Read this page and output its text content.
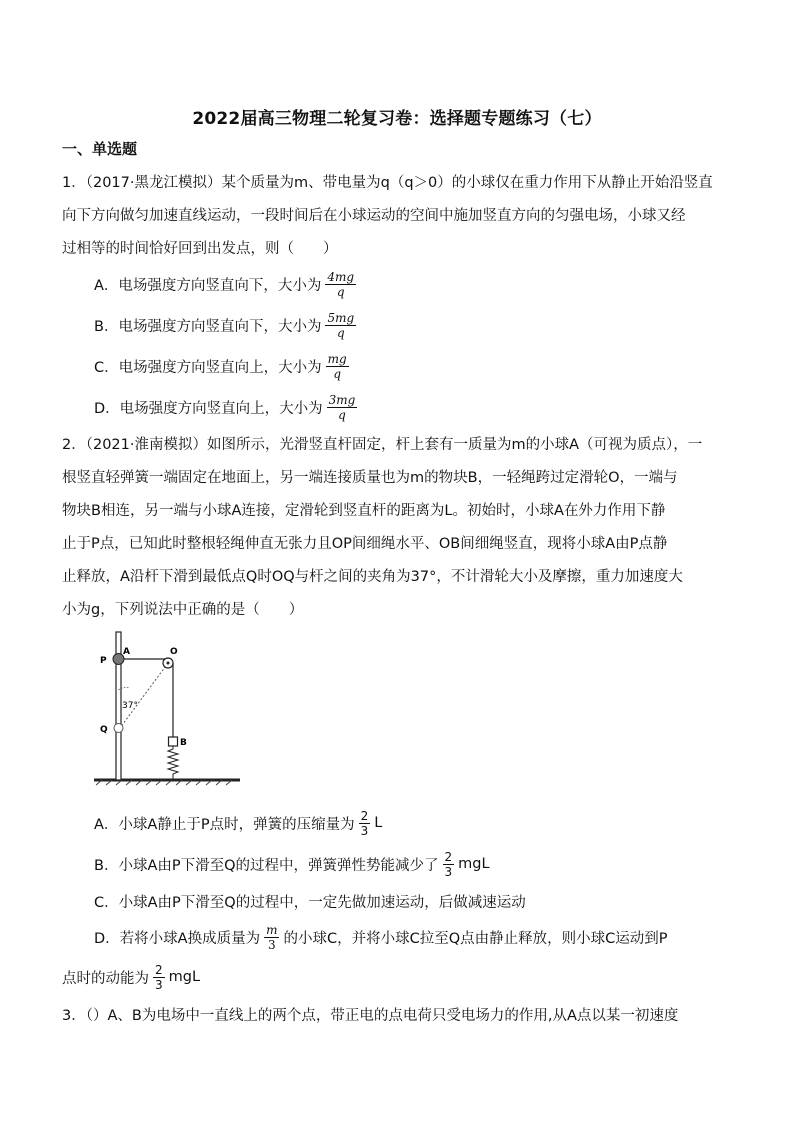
2022届高三物理二轮复习卷：选择题专题练习（七）
一、单选题
1．（2017·黑龙江模拟）某个质量为m、带电量为q（q＞0）的小球仅在重力作用下从静止开始沿竖直
向下方向做匀加速直线运动，一段时间后在小球运动的空间中施加竖直方向的匀强电场，小球又经
过相等的时间恰好回到出发点，则（　　）
A．电场强度方向竖直向下，大小为 $\frac{4mg}{q}$
B．电场强度方向竖直向下，大小为 $\frac{5mg}{q}$
C．电场强度方向竖直向上，大小为 $\frac{mg}{q}$
D．电场强度方向竖直向上，大小为 $\frac{3mg}{q}$
2．（2021·淮南模拟）如图所示，光滑竖直杆固定，杆上套有一质量为m的小球A（可视为质点），一
根竖直轻弹簧一端固定在地面上，另一端连接质量也为m的物块B，一轻绳跨过定滑轮O，一端与
物块B相连，另一端与小球A连接，定滑轮到竖直杆的距离为L。初始时，小球A在外力作用下静
止于P点，已知此时整根轻绳伸直无张力且OP间细绳水平、OB间细绳竖直，现将小球A由P点静
止释放，A沿杆下滑到最低点Q时OQ与杆之间的夹角为37°，不计滑轮大小及摩擦，重力加速度大
小为g，下列说法中正确的是（　　）
P
A	O
Q
B
37°
A．小球A静止于P点时，弹簧的压缩量为 $\frac{2}{3}$ L
B．小球A由P下滑至Q的过程中，弹簧弹性势能减少了 $\frac{2}{3}$ mgL
C．小球A由P下滑至Q的过程中，一定先做加速运动，后做减速运动
D．若将小球A换成质量为 $\frac{m}{3}$ 的小球C，并将小球C拉至Q点由静止释放，则小球C运动到P
点时的动能为 $\frac{2}{3}$ mgL
3．（）A、B为电场中一直线上的两个点，带正电的点电荷只受电场力的作用,从A点以某一初速度
